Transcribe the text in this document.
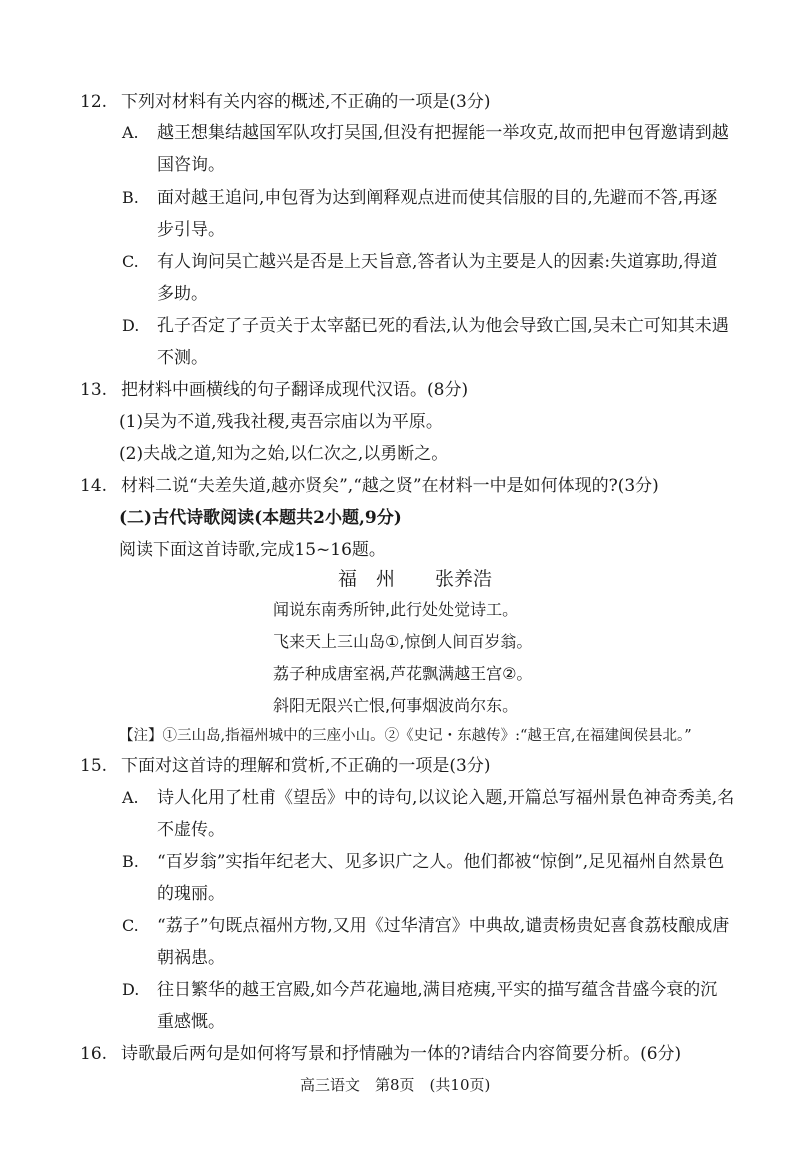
12. 下列对材料有关内容的概述,不正确的一项是(3分)
A. 越王想集结越国军队攻打吴国,但没有把握能一举攻克,故而把申包胥邀请到越
国咨询。
B. 面对越王追问,申包胥为达到阐释观点进而使其信服的目的,先避而不答,再逐
步引导。
C. 有人询问吴亡越兴是否是上天旨意,答者认为主要是人的因素:失道寡助,得道
多助。
D. 孔子否定了子贡关于太宰嚭已死的看法,认为他会导致亡国,吴未亡可知其未遇
不测。
13. 把材料中画横线的句子翻译成现代汉语。(8分)
(1)吴为不道,残我社稷,夷吾宗庙以为平原。
(2)夫战之道,知为之始,以仁次之,以勇断之。
14. 材料二说“夫差失道,越亦贤矣”,“越之贤”在材料一中是如何体现的?(3分)
(二)古代诗歌阅读(本题共2小题,9分)
阅读下面这首诗歌,完成15~16题。
福　州 张养浩
闻说东南秀所钟,此行处处觉诗工。
飞来天上三山岛①,惊倒人间百岁翁。
荔子种成唐室祸,芦花飘满越王宫②。
斜阳无限兴亡恨,何事烟波尚尔东。
【注】①三山岛,指福州城中的三座小山。②《史记・东越传》:“越王宫,在福建闽侯县北。”
15. 下面对这首诗的理解和赏析,不正确的一项是(3分)
A. 诗人化用了杜甫《望岳》中的诗句,以议论入题,开篇总写福州景色神奇秀美,名
不虚传。
B. “百岁翁”实指年纪老大、见多识广之人。他们都被“惊倒”,足见福州自然景色
的瑰丽。
C. “荔子”句既点福州方物,又用《过华清宫》中典故,谴责杨贵妃喜食荔枝酿成唐
朝祸患。
D. 往日繁华的越王宫殿,如今芦花遍地,满目疮痍,平实的描写蕴含昔盛今衰的沉
重感慨。
16. 诗歌最后两句是如何将写景和抒情融为一体的?请结合内容简要分析。(6分)
高三语文　第8页　(共10页)
